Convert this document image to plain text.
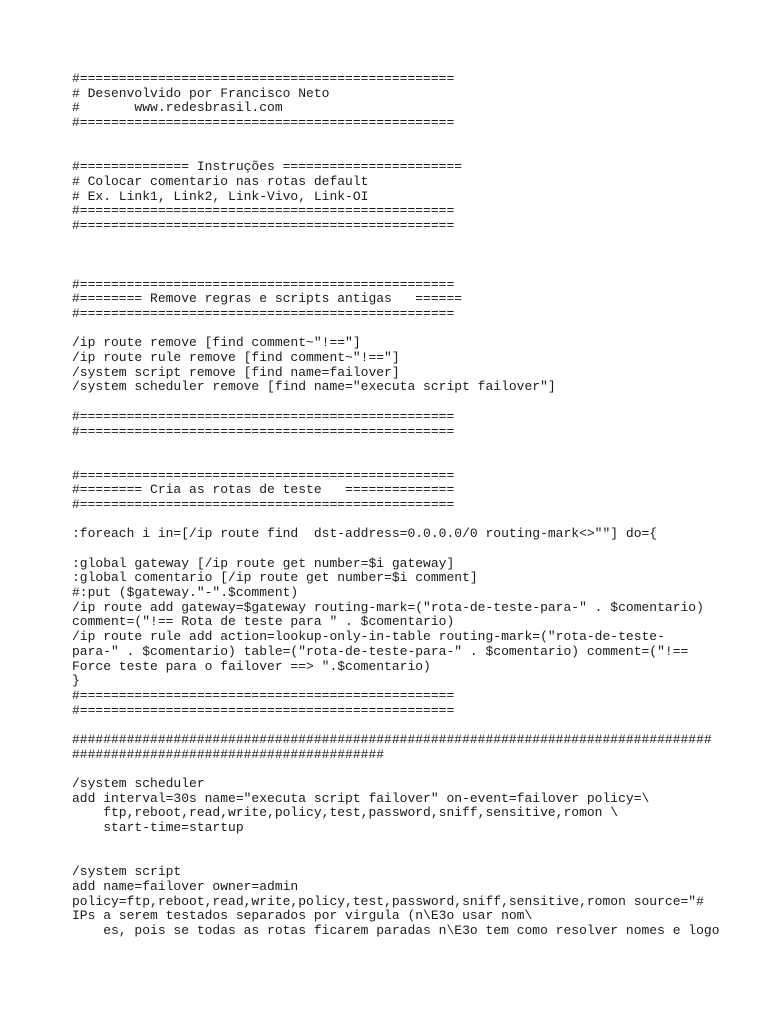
#================================================
# Desenvolvido por Francisco Neto
#       www.redesbrasil.com
#================================================
#============== Instruções =======================
# Colocar comentario nas rotas default
# Ex. Link1, Link2, Link-Vivo, Link-OI
#================================================
#================================================
#================================================
#======== Remove regras e scripts antigas   ======
#================================================
/ip route remove [find comment~"!=="]
/ip route rule remove [find comment~"!=="]
/system script remove [find name=failover]
/system scheduler remove [find name="executa script failover"]
#================================================
#================================================
#================================================
#======== Cria as rotas de teste   ==============
#================================================
:foreach i in=[/ip route find  dst-address=0.0.0.0/0 routing-mark<>""] do={
:global gateway [/ip route get number=$i gateway]
:global comentario [/ip route get number=$i comment]
#:put ($gateway."-".$comment)
/ip route add gateway=$gateway routing-mark=("rota-de-teste-para-" . $comentario)
comment=("!== Rota de teste para " . $comentario)
/ip route rule add action=lookup-only-in-table routing-mark=("rota-de-teste-
para-" . $comentario) table=("rota-de-teste-para-" . $comentario) comment=("!==
Force teste para o failover ==> ".$comentario)
}
#================================================
#================================================
##################################################################################
########################################
/system scheduler
add interval=30s name="executa script failover" on-event=failover policy=\
ftp,reboot,read,write,policy,test,password,sniff,sensitive,romon \
start-time=startup
/system script
add name=failover owner=admin
policy=ftp,reboot,read,write,policy,test,password,sniff,sensitive,romon source="#
IPs a serem testados separados por virgula (n\E3o usar nom\
es, pois se todas as rotas ficarem paradas n\E3o tem como resolver nomes e logo
